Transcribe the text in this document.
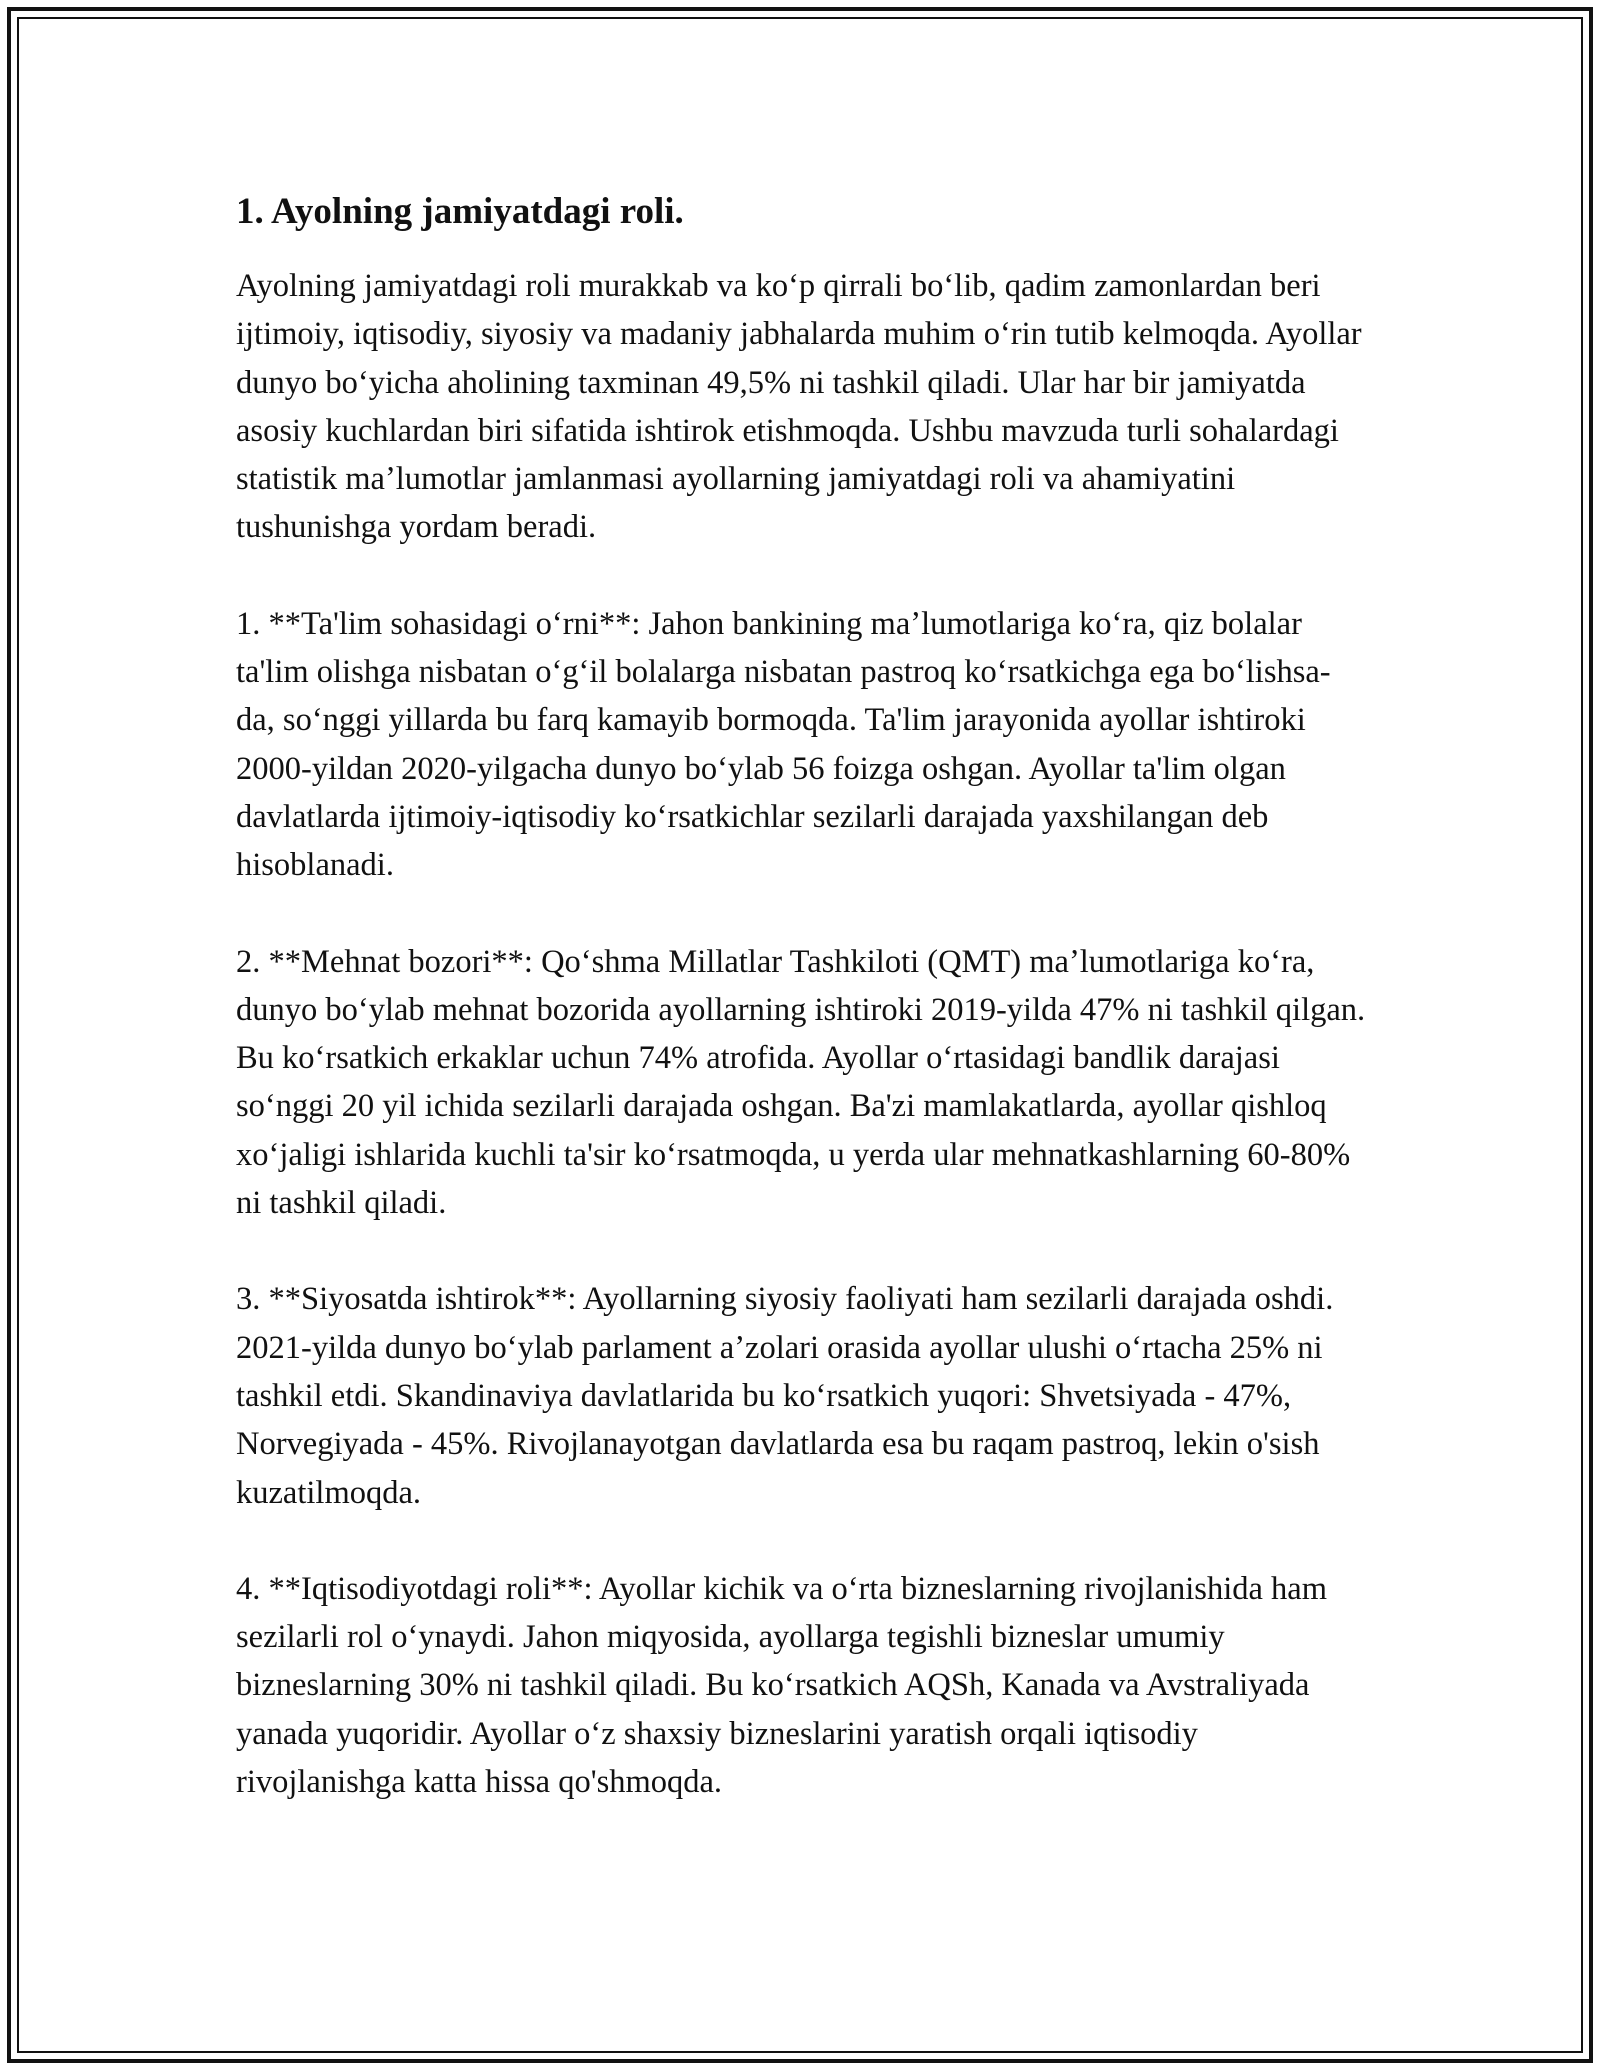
1. Ayolning jamiyatdagi roli.

Ayolning jamiyatdagi roli murakkab va koʻp qirrali boʻlib, qadim zamonlardan beri ijtimoiy, iqtisodiy, siyosiy va madaniy jabhalarda muhim oʻrin tutib kelmoqda. Ayollar dunyo boʻyicha aholining taxminan 49,5% ni tashkil qiladi. Ular har bir jamiyatda asosiy kuchlardan biri sifatida ishtirok etishmoqda. Ushbu mavzuda turli sohalardagi statistik maʼlumotlar jamlanmasi ayollarning jamiyatdagi roli va ahamiyatini tushunishga yordam beradi.

1. **Ta'lim sohasidagi oʻrni**: Jahon bankining maʼlumotlariga koʻra, qiz bolalar ta'lim olishga nisbatan oʻgʻil bolalarga nisbatan pastroq koʻrsatkichga ega boʻlishsa-da, soʻnggi yillarda bu farq kamayib bormoqda. Ta'lim jarayonida ayollar ishtiroki 2000-yildan 2020-yilgacha dunyo boʻylab 56 foizga oshgan. Ayollar ta'lim olgan davlatlarda ijtimoiy-iqtisodiy koʻrsatkichlar sezilarli darajada yaxshilangan deb hisoblanadi.

2. **Mehnat bozori**: Qoʻshma Millatlar Tashkiloti (QMT) maʼlumotlariga koʻra, dunyo boʻylab mehnat bozorida ayollarning ishtiroki 2019-yilda 47% ni tashkil qilgan. Bu koʻrsatkich erkaklar uchun 74% atrofida. Ayollar oʻrtasidagi bandlik darajasi soʻnggi 20 yil ichida sezilarli darajada oshgan. Ba'zi mamlakatlarda, ayollar qishloq xoʻjaligi ishlarida kuchli ta'sir koʻrsatmoqda, u yerda ular mehnatkashlarning 60-80% ni tashkil qiladi.

3. **Siyosatda ishtirok**: Ayollarning siyosiy faoliyati ham sezilarli darajada oshdi. 2021-yilda dunyo boʻylab parlament aʼzolari orasida ayollar ulushi oʻrtacha 25% ni tashkil etdi. Skandinaviya davlatlarida bu koʻrsatkich yuqori: Shvetsiyada - 47%, Norvegiyada - 45%. Rivojlanayotgan davlatlarda esa bu raqam pastroq, lekin o'sish kuzatilmoqda.

4. **Iqtisodiyotdagi roli**: Ayollar kichik va oʻrta bizneslarning rivojlanishida ham sezilarli rol oʻynaydi. Jahon miqyosida, ayollarga tegishli bizneslar umumiy bizneslarning 30% ni tashkil qiladi. Bu koʻrsatkich AQSh, Kanada va Avstraliyada yanada yuqoridir. Ayollar oʻz shaxsiy bizneslarini yaratish orqali iqtisodiy rivojlanishga katta hissa qo'shmoqda.
